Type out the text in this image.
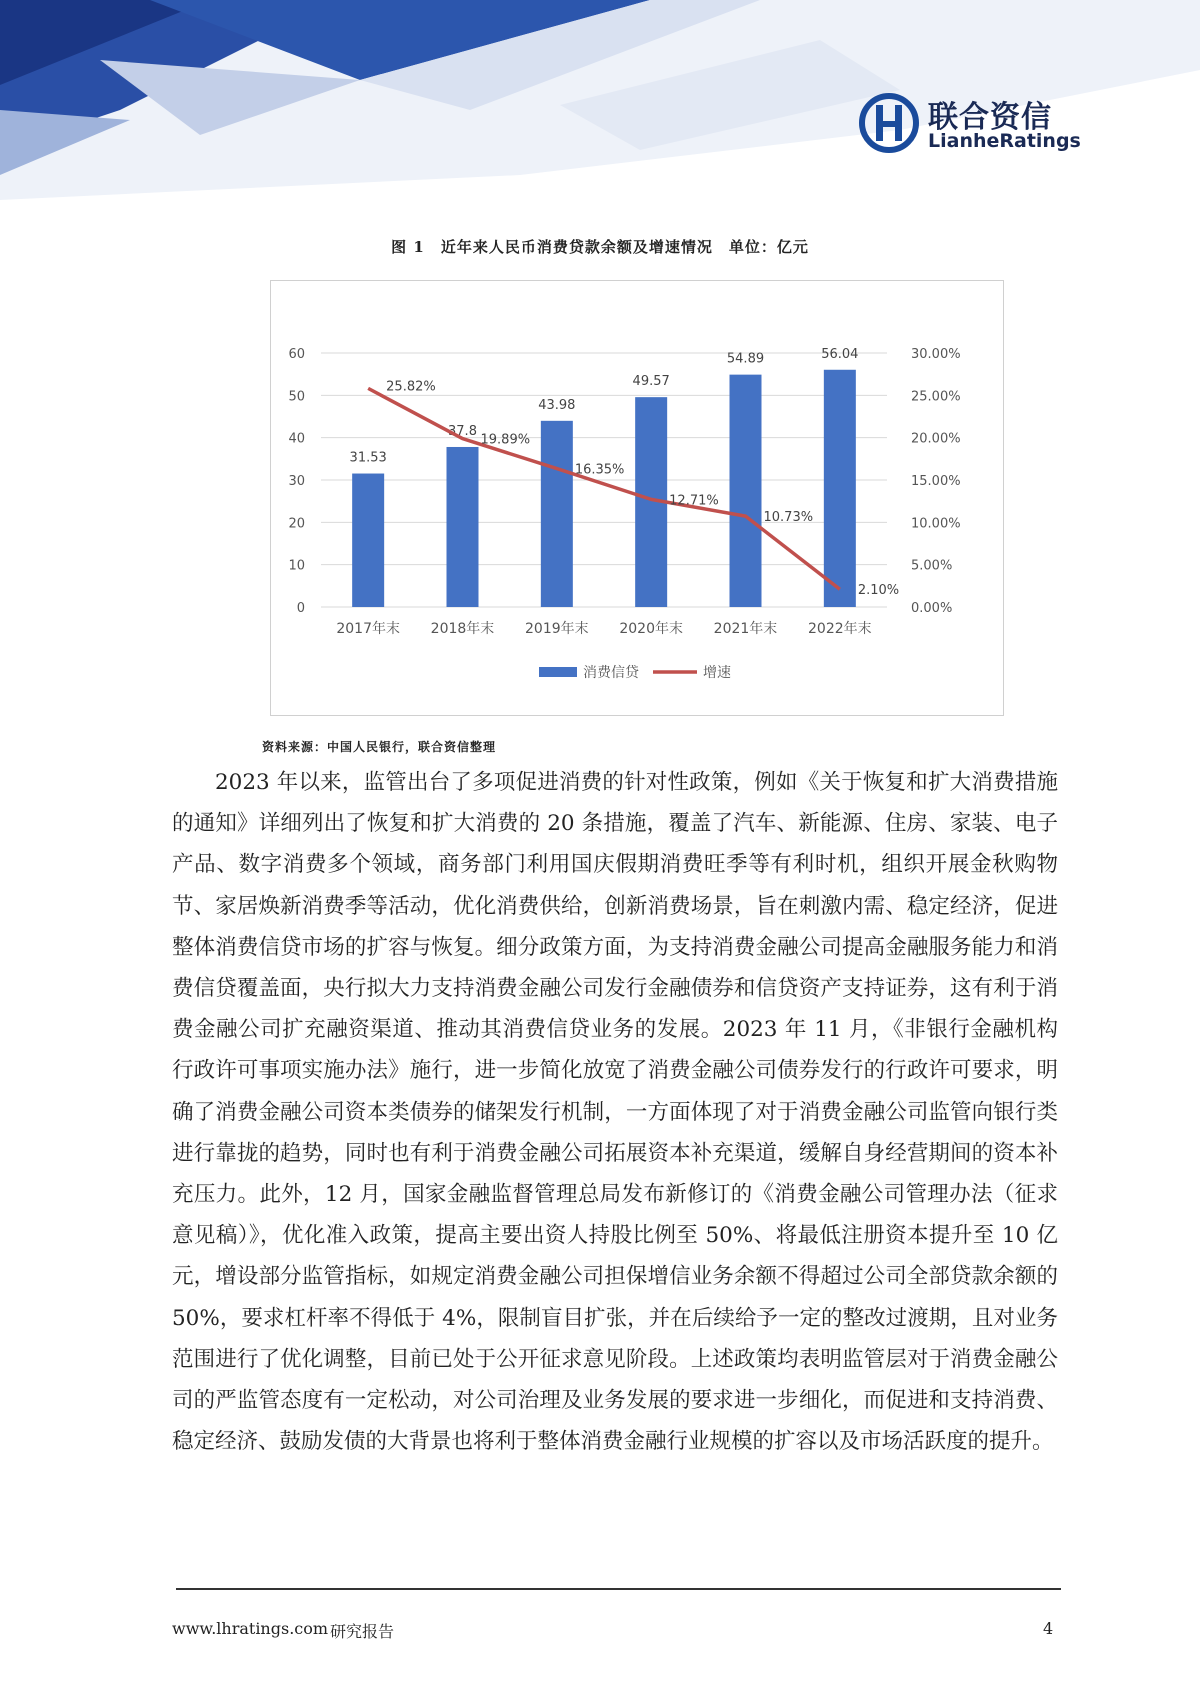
联合资信
LianheRatings
图 1　近年来人民币消费贷款余额及增速情况　单位：亿元
0
10
20
30
40
50
60
0.00%
5.00%
10.00%
15.00%
20.00%
25.00%
30.00%
31.53
37.8
43.98
49.57
54.89	56.04
2017年末 2018年末 2019年末 2020年末 2021年末 2022年末
25.82%
19.89%
16.35%
12.71%
10.73%
2.10%
消费信贷	增速
资料来源：中国人民银行，联合资信整理

2023 年以来，监管出台了多项促进消费的针对性政策，例如《关于恢复和扩大消费措施的通知》详细列出了恢复和扩大消费的 20 条措施，覆盖了汽车、新能源、住房、家装、电子产品、数字消费多个领域，商务部门利用国庆假期消费旺季等有利时机，组织开展金秋购物节、家居焕新消费季等活动，优化消费供给，创新消费场景，旨在刺激内需、稳定经济，促进整体消费信贷市场的扩容与恢复。细分政策方面，为支持消费金融公司提高金融服务能力和消费信贷覆盖面，央行拟大力支持消费金融公司发行金融债券和信贷资产支持证券，这有利于消费金融公司扩充融资渠道、推动其消费信贷业务的发展。2023 年 11 月，《非银行金融机构行政许可事项实施办法》施行，进一步简化放宽了消费金融公司债券发行的行政许可要求，明确了消费金融公司资本类债券的储架发行机制，一方面体现了对于消费金融公司监管向银行类进行靠拢的趋势，同时也有利于消费金融公司拓展资本补充渠道，缓解自身经营期间的资本补充压力。此外，12 月，国家金融监督管理总局发布新修订的《消费金融公司管理办法（征求意见稿）》，优化准入政策，提高主要出资人持股比例至 50%、将最低注册资本提升至 10 亿元，增设部分监管指标，如规定消费金融公司担保增信业务余额不得超过公司全部贷款余额的 50%，要求杠杆率不得低于 4%，限制盲目扩张，并在后续给予一定的整改过渡期，且对业务范围进行了优化调整，目前已处于公开征求意见阶段。上述政策均表明监管层对于消费金融公司的严监管态度有一定松动，对公司治理及业务发展的要求进一步细化，而促进和支持消费、稳定经济、鼓励发债的大背景也将利于整体消费金融行业规模的扩容以及市场活跃度的提升。

www.lhratings.com 研究报告	4
